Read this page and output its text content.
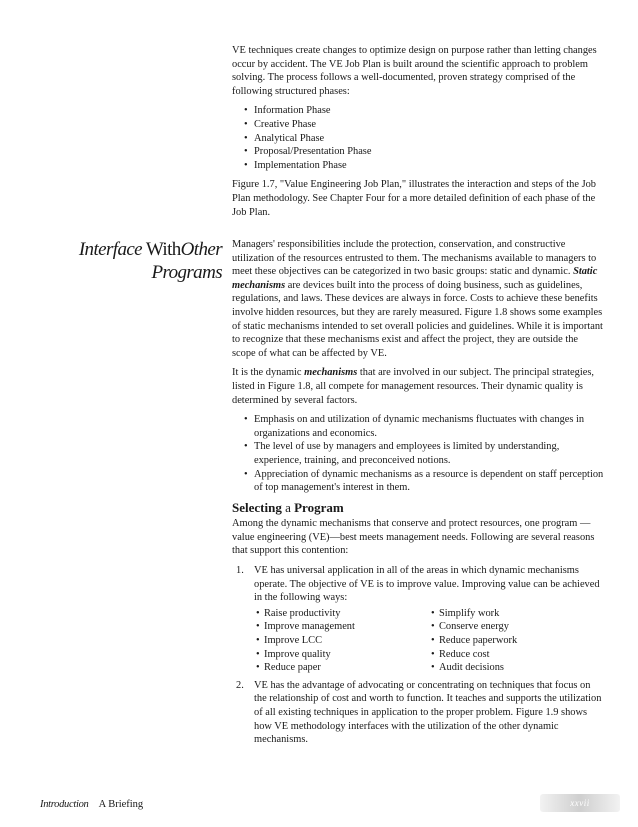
VE techniques create changes to optimize design on purpose rather than letting changes occur by accident. The VE Job Plan is built around the scientific approach to problem solving. The process follows a well-documented, proven strategy comprised of the following structured phases:

• Information Phase
• Creative Phase
• Analytical Phase
• Proposal/Presentation Phase
• Implementation Phase

Figure 1.7, "Value Engineering Job Plan," illustrates the interaction and steps of the Job Plan methodology. See Chapter Four for a more detailed definition of each phase of the Job Plan.

Interface WithOther
Programs

Managers' responsibilities include the protection, conservation, and constructive utilization of the resources entrusted to them. The mechanisms available to managers to meet these objectives can be categorized in two basic groups: static and dynamic. Static mechanisms are devices built into the process of doing business, such as guidelines, regulations, and laws. These devices are always in force. Costs to achieve these benefits involve hidden resources, but they are rarely measured. Figure 1.8 shows some examples of static mechanisms intended to set overall policies and guidelines. While it is important to recognize that these mechanisms exist and affect the project, they are outside the scope of what can be affected by VE.

It is the dynamic mechanisms that are involved in our subject. The principal strategies, listed in Figure 1.8, all compete for management resources. Their dynamic quality is determined by several factors.

• Emphasis on and utilization of dynamic mechanisms fluctuates with changes in organizations and economics.
• The level of use by managers and employees is limited by understanding, experience, training, and preconceived notions.
• Appreciation of dynamic mechanisms as a resource is dependent on staff perception of top management's interest in them.
Selecting a Program

Among the dynamic mechanisms that conserve and protect resources, one program —value engineering (VE)—best meets management needs. Following are several reasons that support this contention:

1. VE has universal application in all of the areas in which dynamic mechanisms operate. The objective of VE is to improve value. Improving value can be achieved in the following ways:
• Raise productivity
• Improve management
• Improve LCC
• Improve quality
• Reduce paper
• Simplify work
• Conserve energy
• Reduce paperwork
• Reduce cost
• Audit decisions
2. VE has the advantage of advocating or concentrating on techniques that focus on the relationship of cost and worth to function. It teaches and supports the utilization of all existing techniques in application to the proper problem. Figure 1.9 shows how VE methodology interfaces with the utilization of the other dynamic mechanisms.
Introduction A Briefing	xxvii
